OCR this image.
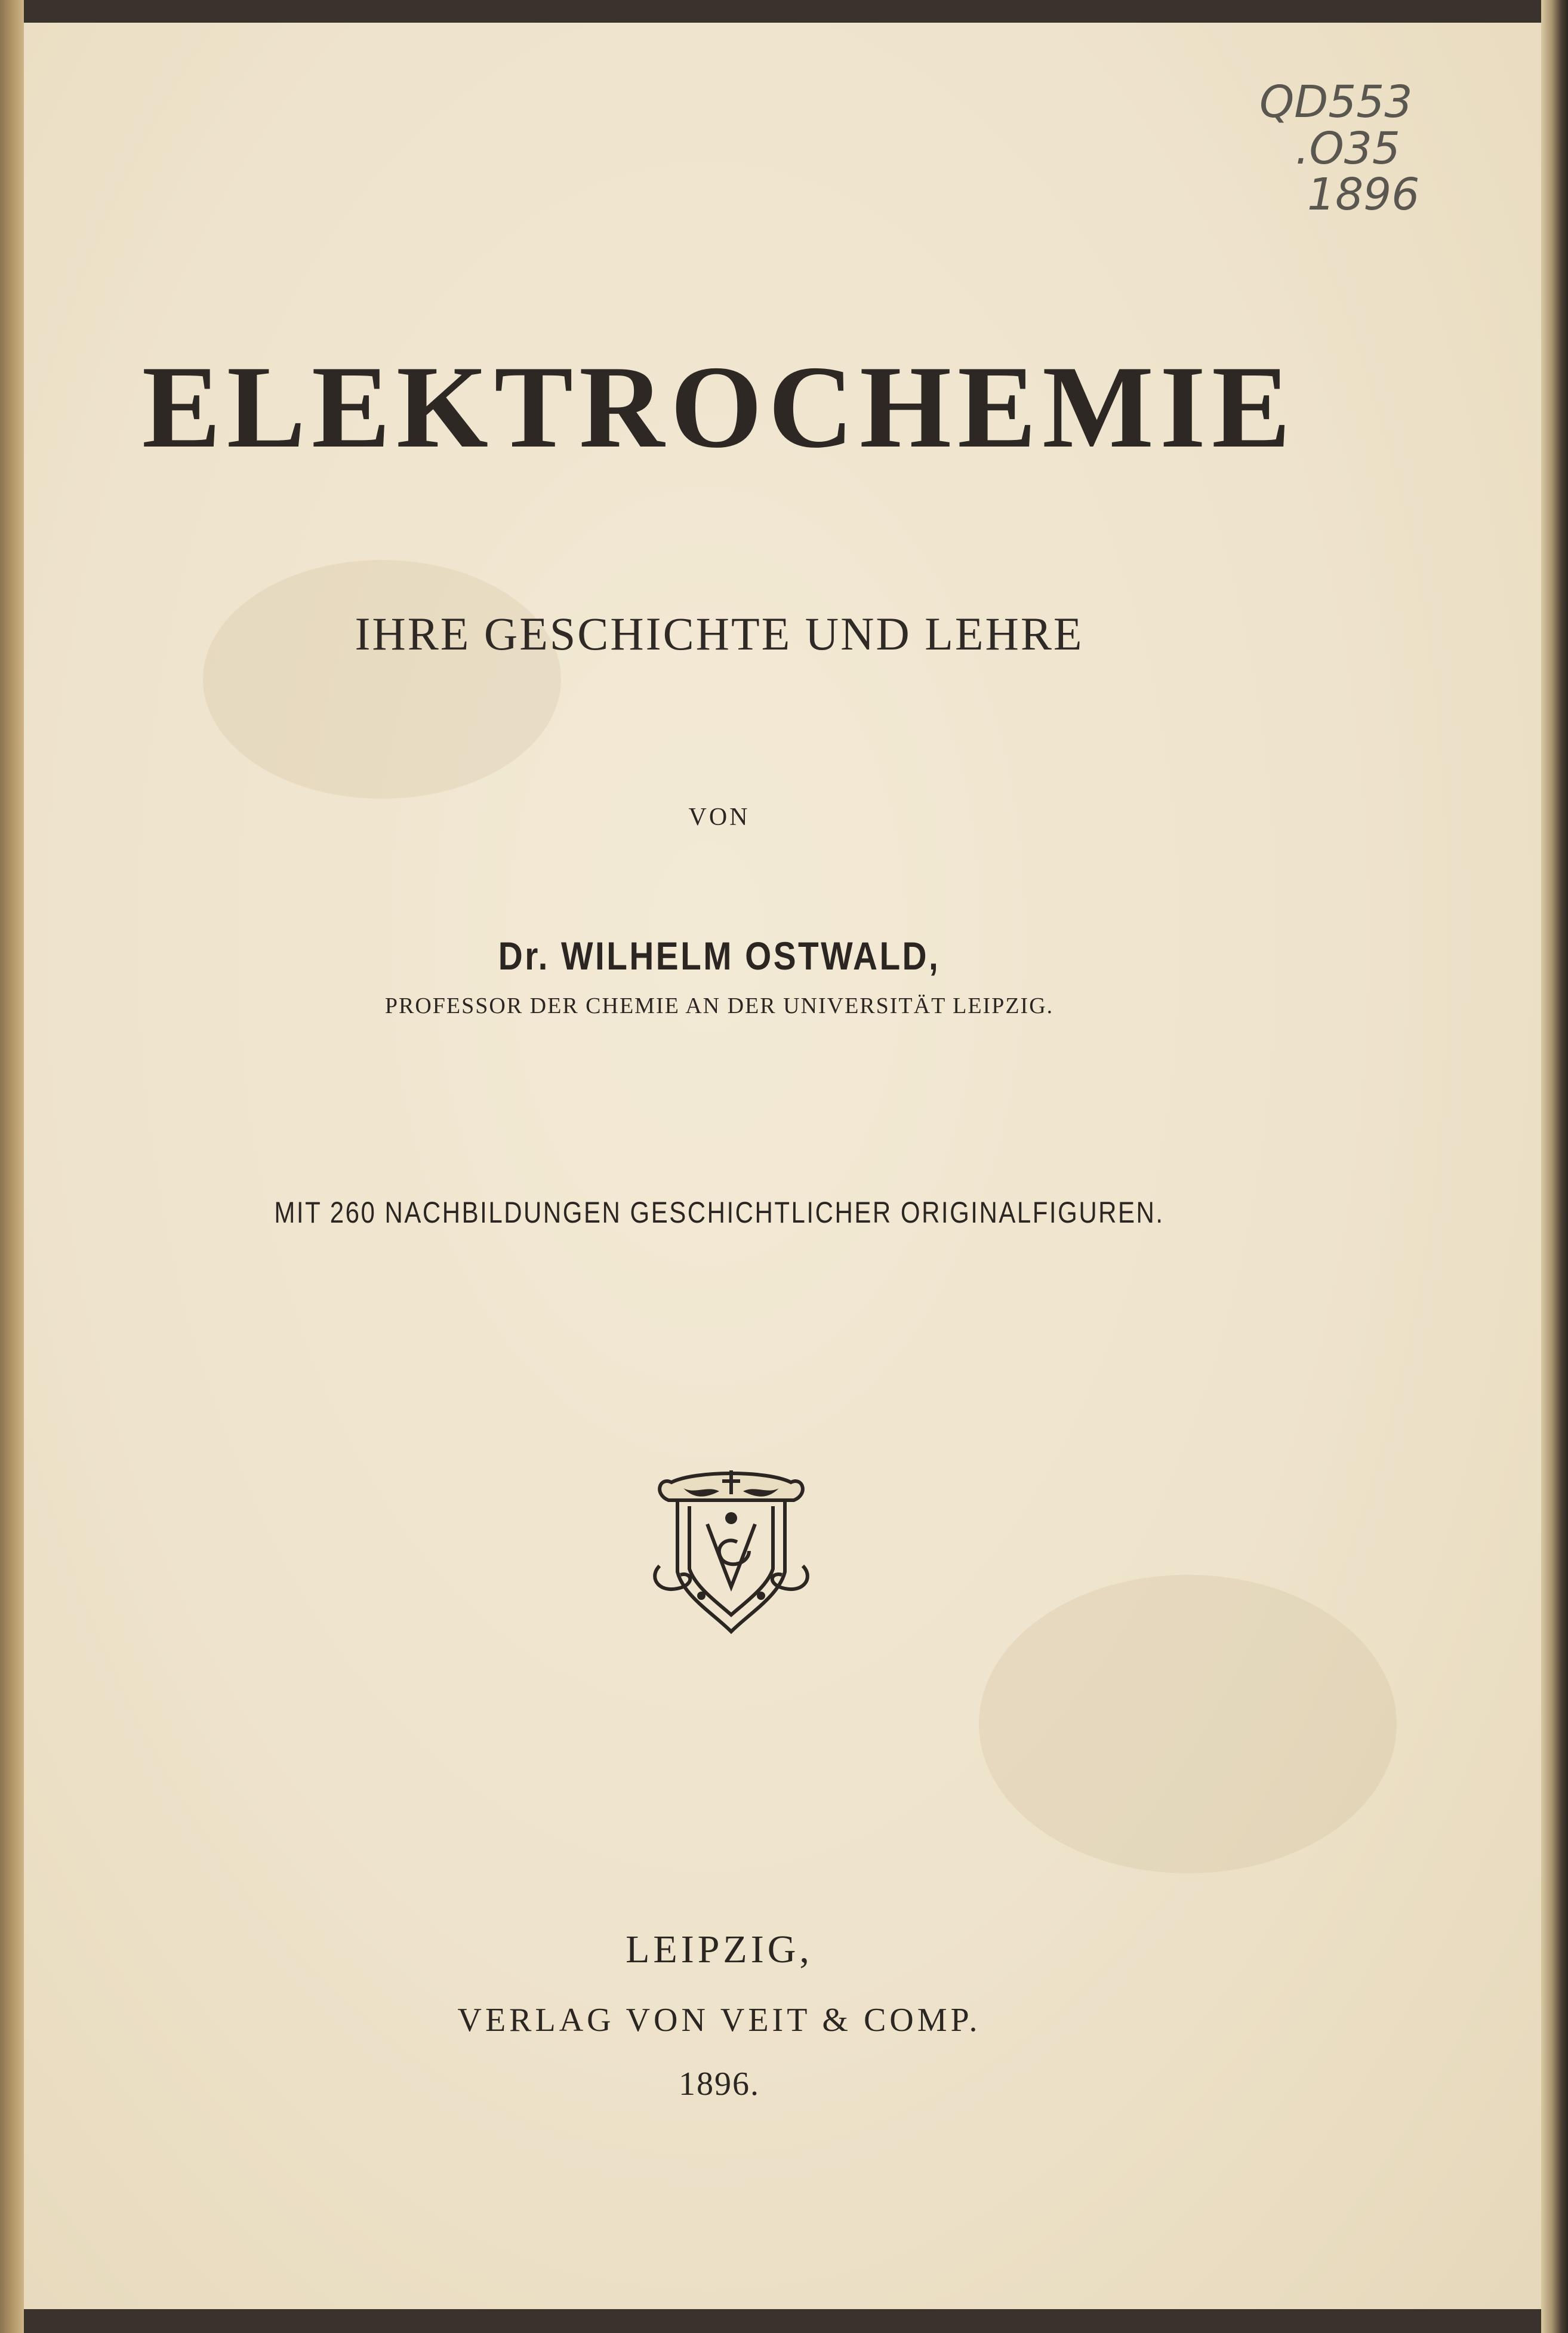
QD553
.O35
1896
ELEKTROCHEMIE
IHRE GESCHICHTE UND LEHRE
VON
Dr. WILHELM OSTWALD,
PROFESSOR DER CHEMIE AN DER UNIVERSITÄT LEIPZIG.
MIT 260 NACHBILDUNGEN GESCHICHTLICHER ORIGINALFIGUREN.
LEIPZIG,
VERLAG VON VEIT & COMP.
1896.
